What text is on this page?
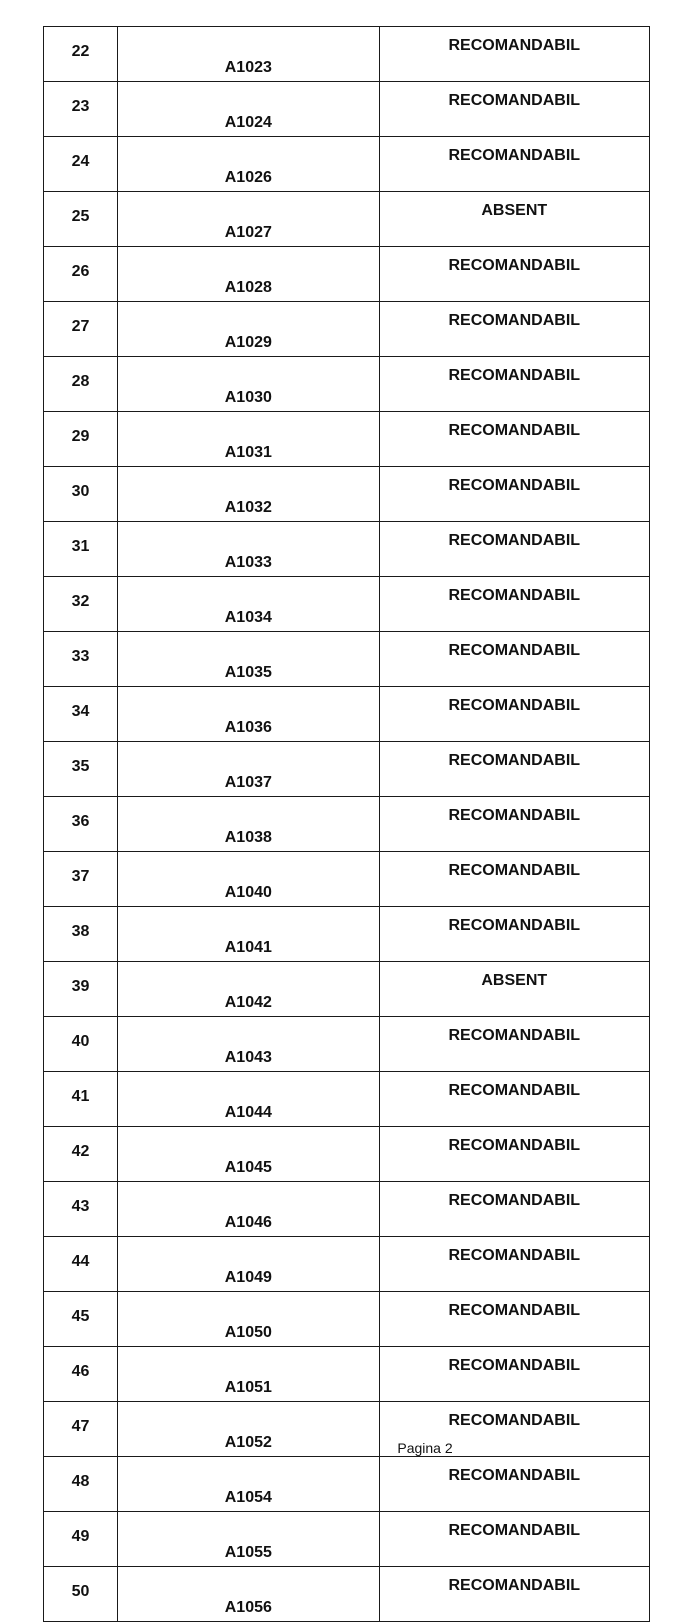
22	A1023	RECOMANDABIL
23	A1024	RECOMANDABIL
24	A1026	RECOMANDABIL
25	A1027	ABSENT
26	A1028	RECOMANDABIL
27	A1029	RECOMANDABIL
28	A1030	RECOMANDABIL
29	A1031	RECOMANDABIL
30	A1032	RECOMANDABIL
31	A1033	RECOMANDABIL
32	A1034	RECOMANDABIL
33	A1035	RECOMANDABIL
34	A1036	RECOMANDABIL
35	A1037	RECOMANDABIL
36	A1038	RECOMANDABIL
37	A1040	RECOMANDABIL
38	A1041	RECOMANDABIL
39	A1042	ABSENT
40	A1043	RECOMANDABIL
41	A1044	RECOMANDABIL
42	A1045	RECOMANDABIL
43	A1046	RECOMANDABIL
44	A1049	RECOMANDABIL
45	A1050	RECOMANDABIL
46	A1051	RECOMANDABIL
47	A1052	RECOMANDABIL
48	A1054	RECOMANDABIL
49	A1055	RECOMANDABIL
50	A1056	RECOMANDABIL
Pagina 2
